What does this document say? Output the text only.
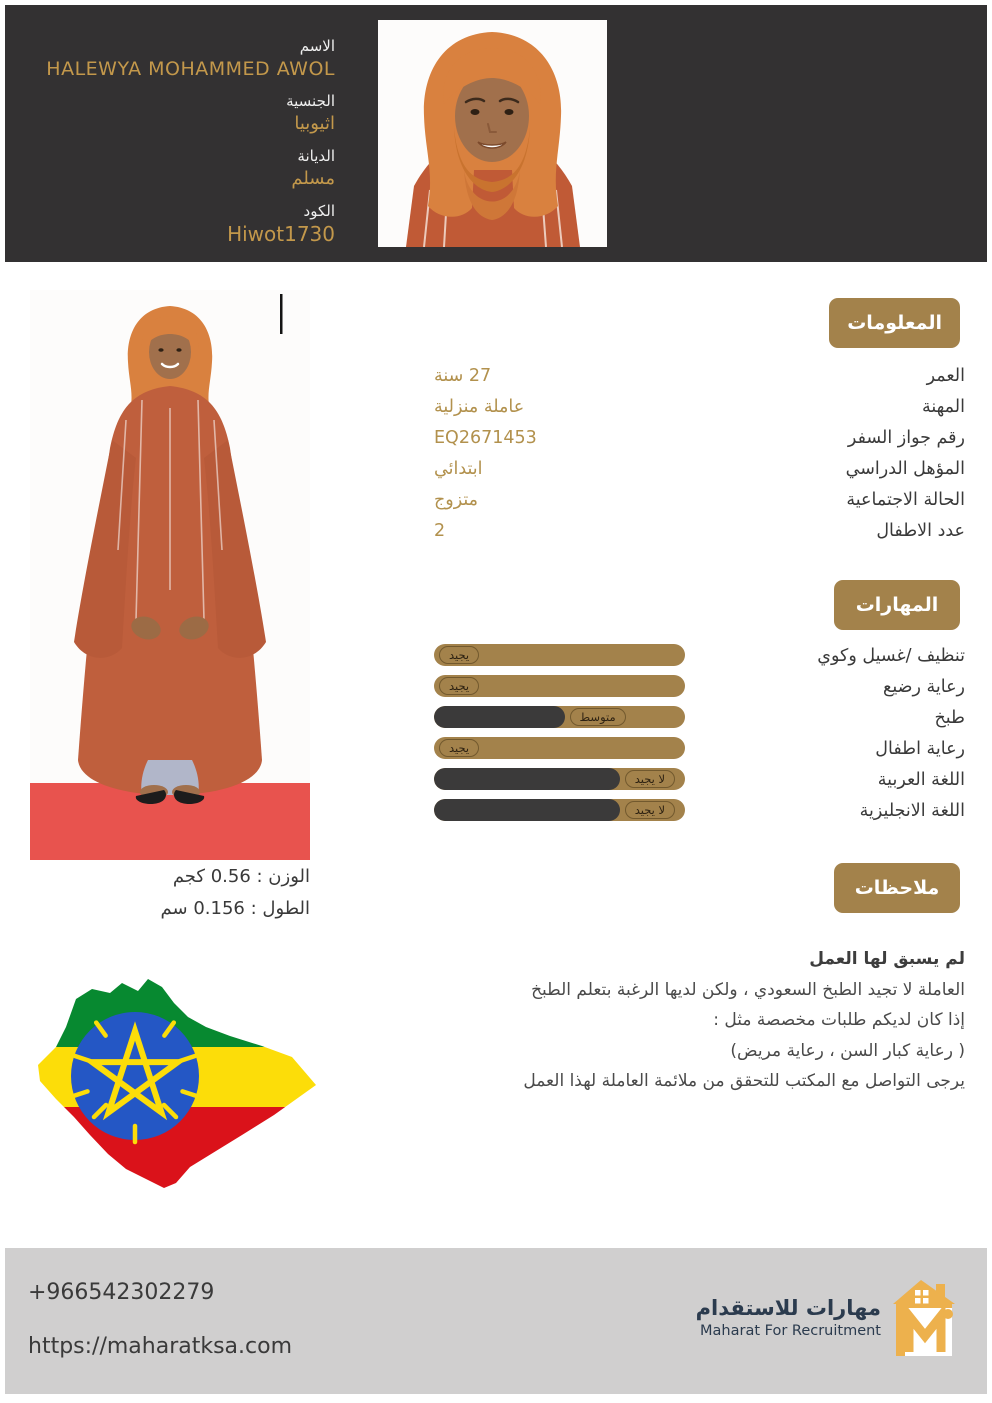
الاسم
HALEWYA MOHAMMED AWOL
الجنسية
اثيوبيا
الديانة
مسلم
الكود
Hiwot1730
المعلومات
العمر
المهنة
رقم جواز السفر
المؤهل الدراسي
الحالة الاجتماعية
عدد الاطفال
27 سنة
عاملة منزلية
EQ2671453
ابتدائي
متزوج
2
المهارات
تنظيف /غسيل وكوي
رعاية رضيع
طبخ
رعاية اطفال
اللغة العربية
اللغة الانجليزية
يجيد
يجيد
متوسط
يجيد
لا يجيد
لا يجيد
الوزن : 0.56 كجم
الطول : 0.156 سم
ملاحظات
لم يسبق لها العمل
العاملة لا تجيد الطبخ السعودي ، ولكن لديها الرغبة بتعلم الطبخ
إذا كان لديكم طلبات مخصصة مثل :
( رعاية كبار السن ، رعاية مريض)
يرجى التواصل مع المكتب للتحقق من ملائمة العاملة لهذا العمل
+966542302279
https://maharatksa.com
مهارات للاستقدام
Maharat For Recruitment
